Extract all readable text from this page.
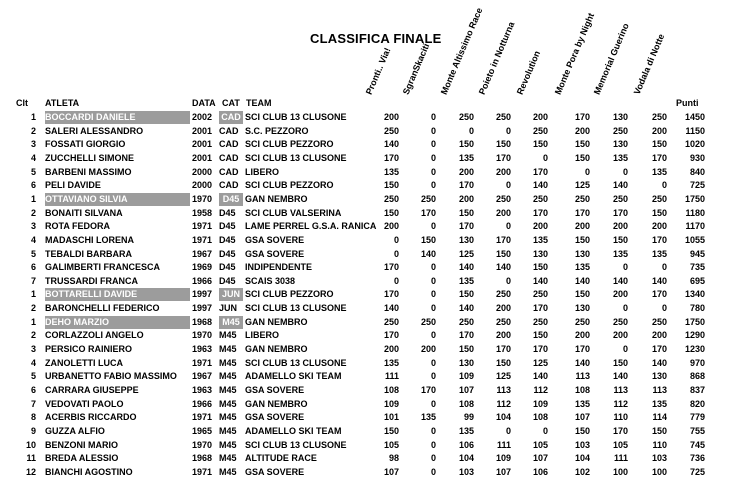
CLASSIFICA FINALE
Pronti.. Via! SgranSkaciti Monte Altissimo Race
Poieto in Notturna
Revolution Monte Pora by Night
Memorial Guerino Vodala di Notte
Clt ATLETA	DATA CAT TEAM	Punti
1 BOCCARDI DANIELE	2002	CAD SCI CLUB 13 CLUSONE	200	0	250	250	200	170	130	250	1450
2 SALERI ALESSANDRO	2001 CAD S.C. PEZZORO	250	0	0	0	250	200	250	200	1150
3 FOSSATI GIORGIO	2001 CAD SCI CLUB PEZZORO	140	0	150	150	150	150	130	150	1020
4 ZUCCHELLI SIMONE	2001 CAD SCI CLUB 13 CLUSONE	170	0	135	170	0	150	135	170	930
5 BARBENI MASSIMO	2000 CAD LIBERO	135	0	200	200	170	0	0	135	840
6 PELI DAVIDE	2000 CAD SCI CLUB PEZZORO	150	0	170	0	140	125	140	0	725
1 OTTAVIANO SILVIA	1970	D45 GAN NEMBRO	250	250	200	250	250	250	250	250	1750
2 BONAITI SILVANA	1958 D45	SCI CLUB VALSERINA	150	170	150	200	170	170	170	150	1180
3 ROTA FEDORA	1971 D45	LAME PERREL G.S.A. RANICA 200	0	170	0	200	200	200	200	1170
4 MADASCHI LORENA	1971 D45	GSA SOVERE	0	150	130	170	135	150	150	170	1055
5 TEBALDI BARBARA	1967 D45	GSA SOVERE	0	140	125	150	130	130	135	135	945
6 GALIMBERTI FRANCESCA	1969 D45	INDIPENDENTE	170	0	140	140	150	135	0	0	735
7 TRUSSARDI FRANCA	1966 D45	SCAIS 3038	0	0	135	0	140	140	140	140	695
1 BOTTARELLI DAVIDE	1997	JUN SCI CLUB PEZZORO	170	0	150	250	250	150	200	170	1340
2 BARONCHELLI FEDERICO	1997 JUN SCI CLUB 13 CLUSONE	140	0	140	200	170	130	0	0	780
1 DEHO MARZIO	1968	M45 GAN NEMBRO	250	250	250	250	250	250	250	250	1750
2 CORLAZZOLI ANGELO	1970 M45 LIBERO	170	0	170	200	150	200	200	200	1290
3 PERSICO RAINIERO	1963 M45 GAN NEMBRO	200	200	150	170	170	170	0	170	1230
4 ZANOLETTI LUCA	1971 M45 SCI CLUB 13 CLUSONE	135	0	130	150	125	140	150	140	970
5 URBANETTO FABIO MASSIMO	1967 M45 ADAMELLO SKI TEAM	111	0	109	125	140	113	140	130	868
6 CARRARA GIUSEPPE	1963 M45 GSA SOVERE	108	170	107	113	112	108	113	113	837
7 VEDOVATI PAOLO	1966 M45 GAN NEMBRO	109	0	108	112	109	135	112	135	820
8 ACERBIS RICCARDO	1971 M45 GSA SOVERE	101	135	99	104	108	107	110	114	779
9 GUZZA ALFIO	1965 M45 ADAMELLO SKI TEAM	150	0	135	0	0	150	170	150	755
10 BENZONI MARIO	1970 M45 SCI CLUB 13 CLUSONE	105	0	106	111	105	103	105	110	745
11 BREDA ALESSIO	1968 M45 ALTITUDE RACE	98	0	104	109	107	104	111	103	736
12 BIANCHI AGOSTINO	1971 M45 GSA SOVERE	107	0	103	107	106	102	100	100	725
